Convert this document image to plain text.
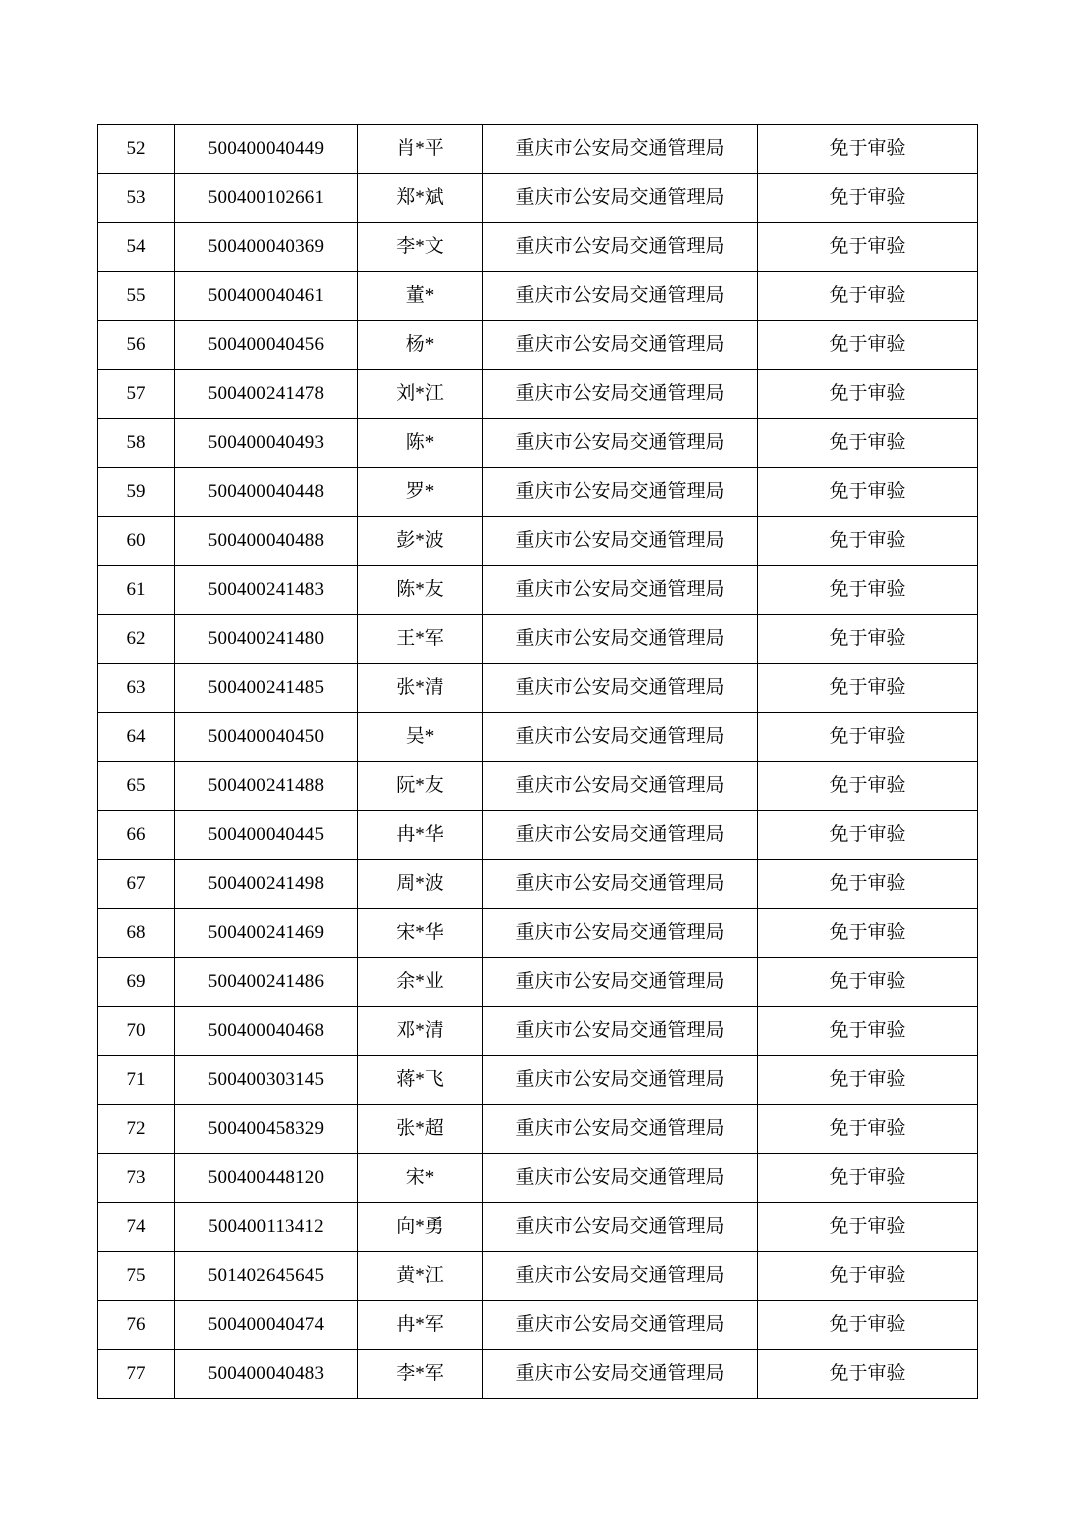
52	500400040449	肖*平	重庆市公安局交通管理局	免于审验
53	500400102661	郑*斌	重庆市公安局交通管理局	免于审验
54	500400040369	李*文	重庆市公安局交通管理局	免于审验
55	500400040461	董*	重庆市公安局交通管理局	免于审验
56	500400040456	杨*	重庆市公安局交通管理局	免于审验
57	500400241478	刘*江	重庆市公安局交通管理局	免于审验
58	500400040493	陈*	重庆市公安局交通管理局	免于审验
59	500400040448	罗*	重庆市公安局交通管理局	免于审验
60	500400040488	彭*波	重庆市公安局交通管理局	免于审验
61	500400241483	陈*友	重庆市公安局交通管理局	免于审验
62	500400241480	王*军	重庆市公安局交通管理局	免于审验
63	500400241485	张*清	重庆市公安局交通管理局	免于审验
64	500400040450	吴*	重庆市公安局交通管理局	免于审验
65	500400241488	阮*友	重庆市公安局交通管理局	免于审验
66	500400040445	冉*华	重庆市公安局交通管理局	免于审验
67	500400241498	周*波	重庆市公安局交通管理局	免于审验
68	500400241469	宋*华	重庆市公安局交通管理局	免于审验
69	500400241486	余*业	重庆市公安局交通管理局	免于审验
70	500400040468	邓*清	重庆市公安局交通管理局	免于审验
71	500400303145	蒋*飞	重庆市公安局交通管理局	免于审验
72	500400458329	张*超	重庆市公安局交通管理局	免于审验
73	500400448120	宋*	重庆市公安局交通管理局	免于审验
74	500400113412	向*勇	重庆市公安局交通管理局	免于审验
75	501402645645	黄*江	重庆市公安局交通管理局	免于审验
76	500400040474	冉*军	重庆市公安局交通管理局	免于审验
77	500400040483	李*军	重庆市公安局交通管理局	免于审验
